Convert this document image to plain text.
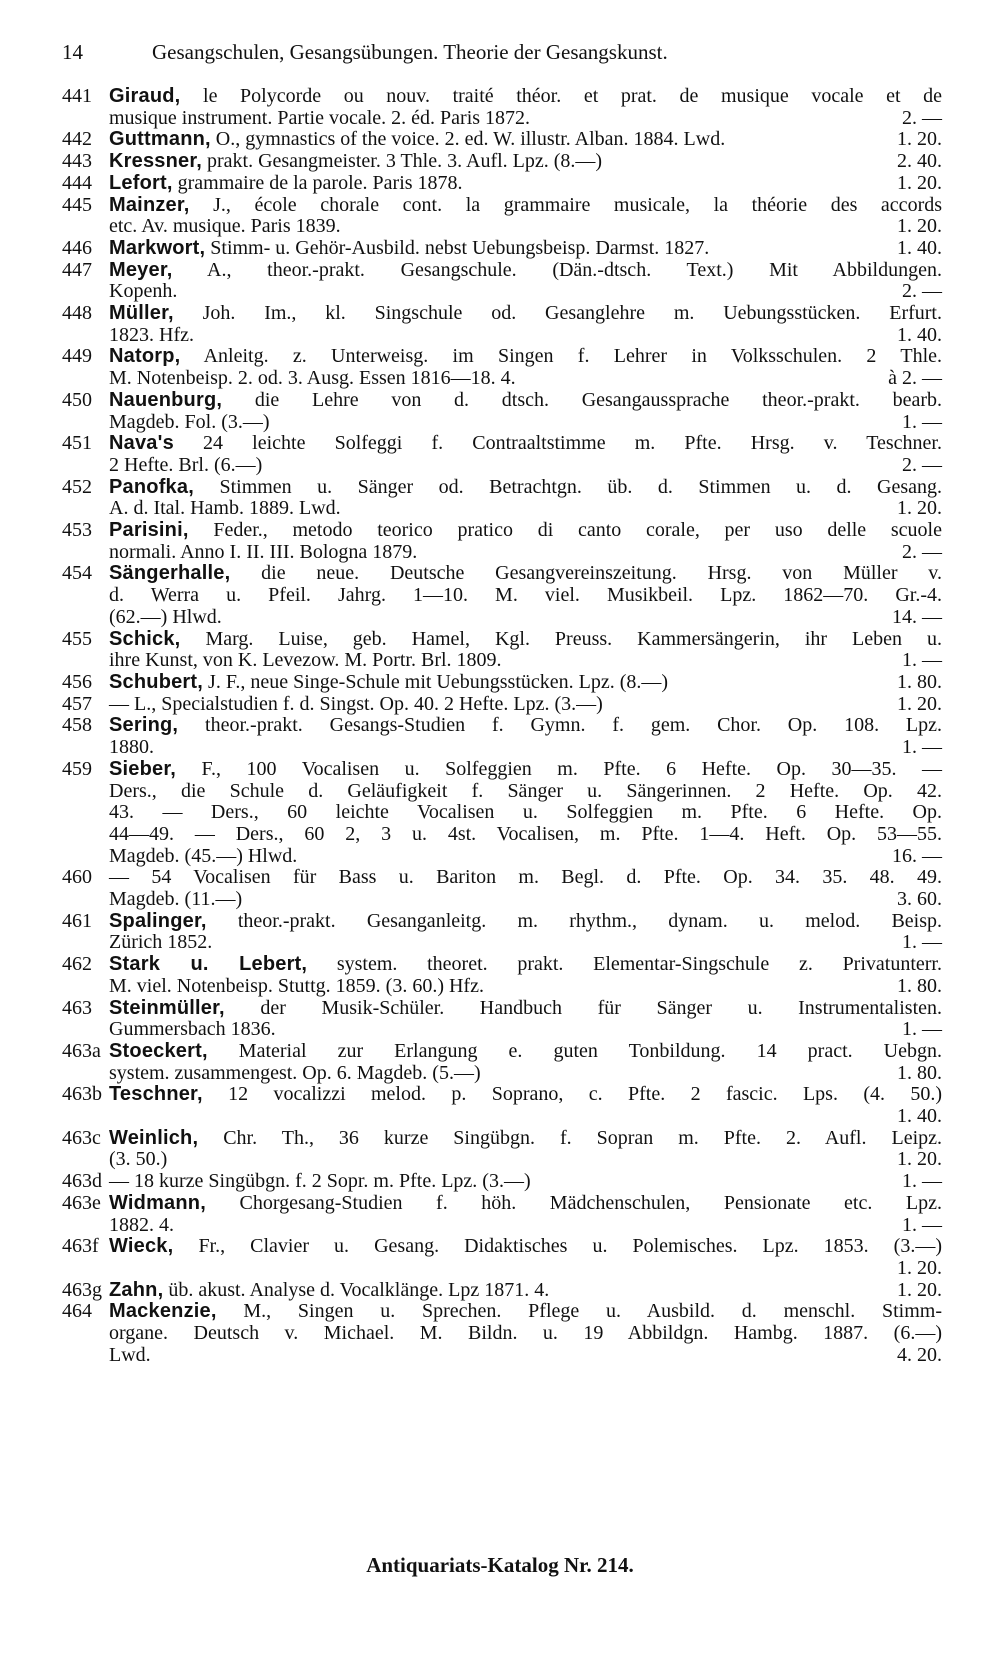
14	Gesangschulen, Gesangsübungen. Theorie der Gesangskunst.
441 Giraud, le Polycorde ou nouv. traité théor. et prat. de musique vocale et de
musique instrument. Partie vocale. 2. éd. Paris 1872.	2. —
442 Guttmann, O., gymnastics of the voice. 2. ed. W. illustr. Alban. 1884. Lwd.	1. 20.
443 Kressner, prakt. Gesangmeister. 3 Thle. 3. Aufl. Lpz. (8.—)	2. 40.
444 Lefort, grammaire de la parole. Paris 1878.	1. 20.
445 Mainzer, J., école chorale cont. la grammaire musicale, la théorie des accords
etc. Av. musique. Paris 1839.	1. 20.
446 Markwort, Stimm- u. Gehör-Ausbild. nebst Uebungsbeisp. Darmst. 1827.	1. 40.
447 Meyer, A., theor.-prakt. Gesangschule. (Dän.-dtsch. Text.) Mit Abbildungen.
Kopenh.	2. —
448 Müller, Joh. Im., kl. Singschule od. Gesanglehre m. Uebungsstücken. Erfurt.
1823. Hfz.	1. 40.
449 Natorp, Anleitg. z. Unterweisg. im Singen f. Lehrer in Volksschulen. 2 Thle.
M. Notenbeisp. 2. od. 3. Ausg. Essen 1816—18. 4.	à 2. —
450 Nauenburg, die Lehre von d. dtsch. Gesangaussprache theor.-prakt. bearb.
Magdeb. Fol. (3.—)	1. —
451 Nava's 24 leichte Solfeggi f. Contraaltstimme m. Pfte. Hrsg. v. Teschner.
2 Hefte. Brl. (6.—)	2. —
452 Panofka, Stimmen u. Sänger od. Betrachtgn. üb. d. Stimmen u. d. Gesang.
A. d. Ital. Hamb. 1889. Lwd.	1. 20.
453 Parisini, Feder., metodo teorico pratico di canto corale, per uso delle scuole
normali. Anno I. II. III. Bologna 1879.	2. —
454 Sängerhalle, die neue. Deutsche Gesangvereinszeitung. Hrsg. von Müller v.
d. Werra u. Pfeil. Jahrg. 1—10. M. viel. Musikbeil. Lpz. 1862—70. Gr.-4.
(62.—) Hlwd.	14. —
455 Schick, Marg. Luise, geb. Hamel, Kgl. Preuss. Kammersängerin, ihr Leben u.
ihre Kunst, von K. Levezow. M. Portr. Brl. 1809.	1. —
456 Schubert, J. F., neue Singe-Schule mit Uebungsstücken. Lpz. (8.—)	1. 80.
457 — L., Specialstudien f. d. Singst. Op. 40. 2 Hefte. Lpz. (3.—)	1. 20.
458 Sering, theor.-prakt. Gesangs-Studien f. Gymn. f. gem. Chor. Op. 108. Lpz.
1880.	1. —
459 Sieber, F., 100 Vocalisen u. Solfeggien m. Pfte. 6 Hefte. Op. 30—35. —
Ders., die Schule d. Geläufigkeit f. Sänger u. Sängerinnen. 2 Hefte. Op. 42.
43. — Ders., 60 leichte Vocalisen u. Solfeggien m. Pfte. 6 Hefte. Op.
44—49. — Ders., 60 2, 3 u. 4st. Vocalisen, m. Pfte. 1—4. Heft. Op. 53—55.
Magdeb. (45.—) Hlwd.	16. —
460 — 54 Vocalisen für Bass u. Bariton m. Begl. d. Pfte. Op. 34. 35. 48. 49.
Magdeb. (11.—)	3. 60.
461 Spalinger, theor.-prakt. Gesanganleitg. m. rhythm., dynam. u. melod. Beisp.
Zürich 1852.	1. —
462 Stark u. Lebert, system. theoret. prakt. Elementar-Singschule z. Privatunterr.
M. viel. Notenbeisp. Stuttg. 1859. (3. 60.) Hfz.	1. 80.
463 Steinmüller, der Musik-Schüler. Handbuch für Sänger u. Instrumentalisten.
Gummersbach 1836.	1. —
463a Stoeckert, Material zur Erlangung e. guten Tonbildung. 14 pract. Uebgn.
system. zusammengest. Op. 6. Magdeb. (5.—)	1. 80.
463b Teschner, 12 vocalizzi melod. p. Soprano, c. Pfte. 2 fascic. Lps. (4. 50.)
1. 40.
463c Weinlich, Chr. Th., 36 kurze Singübgn. f. Sopran m. Pfte. 2. Aufl. Leipz.
(3. 50.)	1. 20.
463d — 18 kurze Singübgn. f. 2 Sopr. m. Pfte. Lpz. (3.—)	1. —
463e Widmann, Chorgesang-Studien f. höh. Mädchenschulen, Pensionate etc. Lpz.
1882. 4.	1. —
463f Wieck, Fr., Clavier u. Gesang. Didaktisches u. Polemisches. Lpz. 1853. (3.—)
1. 20.
463g Zahn, üb. akust. Analyse d. Vocalklänge. Lpz 1871. 4.	1. 20.
464 Mackenzie, M., Singen u. Sprechen. Pflege u. Ausbild. d. menschl. Stimm-
organe. Deutsch v. Michael. M. Bildn. u. 19 Abbildgn. Hambg. 1887. (6.—)
Lwd.	4. 20.
Antiquariats-Katalog Nr. 214.
